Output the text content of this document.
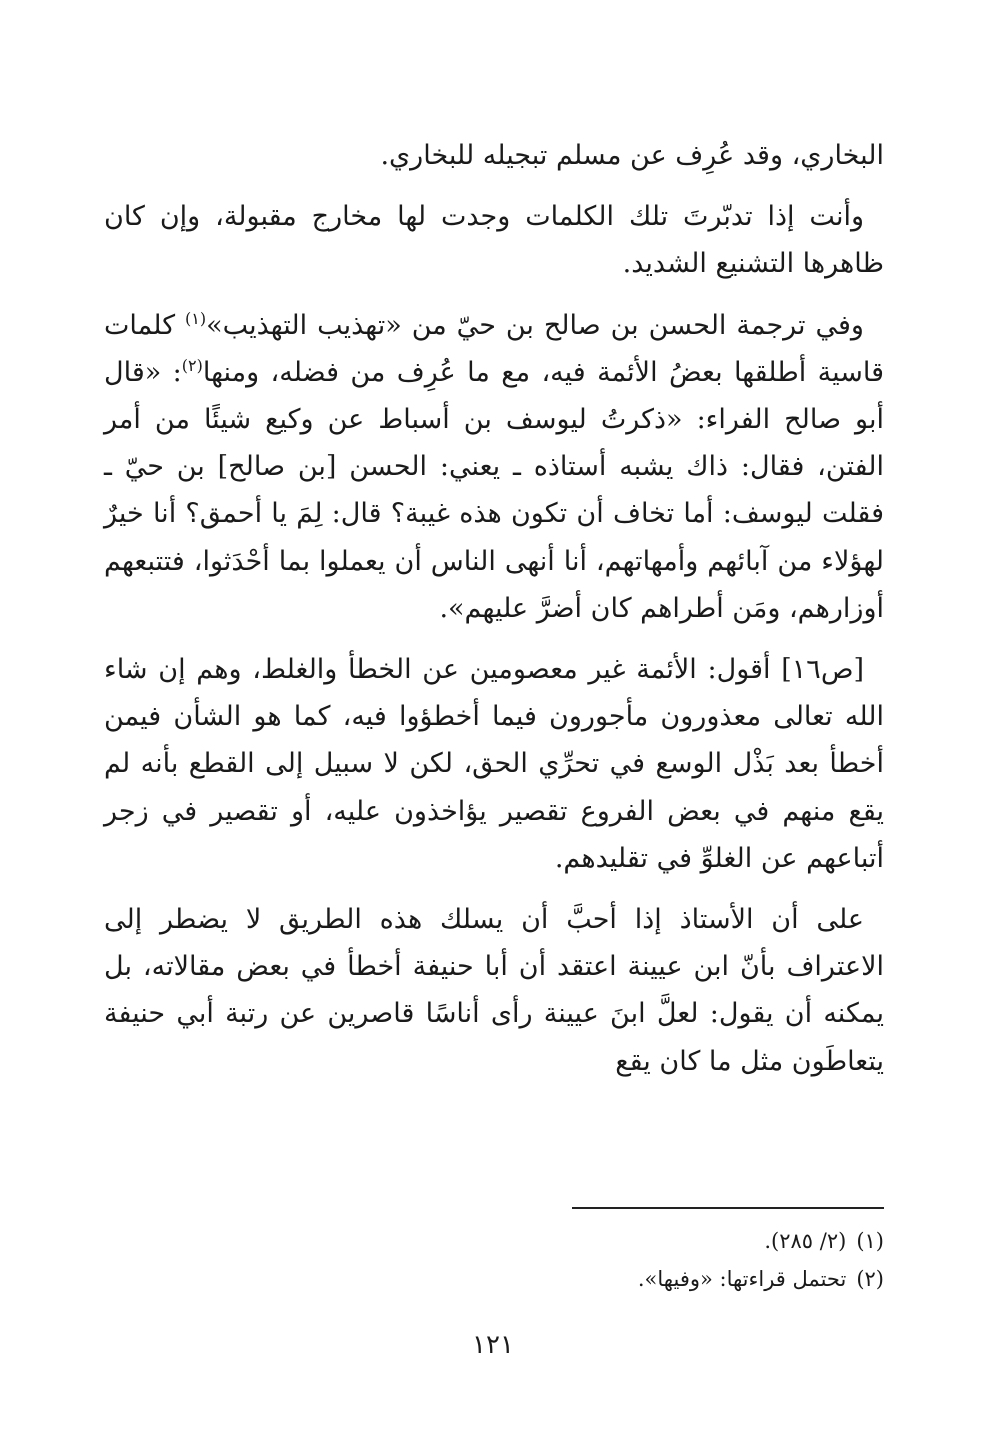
البخاري، وقد عُرِف عن مسلم تبجيله للبخاري.

وأنت إذا تدبّرتَ تلك الكلمات وجدت لها مخارج مقبولة، وإن كان ظاهرها التشنيع الشديد.

وفي ترجمة الحسن بن صالح بن حيّ من «تهذيب التهذيب»$^{(١)}$ كلمات قاسية أطلقها بعضُ الأئمة فيه، مع ما عُرِف من فضله، ومنها$^{(٢)}$: «قال أبو صالح الفراء: «ذكرتُ ليوسف بن أسباط عن وكيع شيئًا من أمر الفتن، فقال: ذاك يشبه أستاذه ـ يعني: الحسن [بن صالح] بن حيّ ـ فقلت ليوسف: أما تخاف أن تكون هذه غيبة؟ قال: لِمَ يا أحمق؟ أنا خيرٌ لهؤلاء من آبائهم وأمهاتهم، أنا أنهى الناس أن يعملوا بما أحْدَثوا، فتتبعهم أوزارهم، ومَن أطراهم كان أضرَّ عليهم».

[ص١٦] أقول: الأئمة غير معصومين عن الخطأ والغلط، وهم إن شاء الله تعالى معذورون مأجورون فيما أخطؤوا فيه، كما هو الشأن فيمن أخطأ بعد بَذْل الوسع في تحرِّي الحق، لكن لا سبيل إلى القطع بأنه لم يقع منهم في بعض الفروع تقصير يؤاخذون عليه، أو تقصير في زجر أتباعهم عن الغلوِّ في تقليدهم.

على أن الأستاذ إذا أحبَّ أن يسلك هذه الطريق لا يضطر إلى الاعتراف بأنّ ابن عيينة اعتقد أن أبا حنيفة أخطأ في بعض مقالاته، بل يمكنه أن يقول: لعلَّ ابنَ عيينة رأى أناسًا قاصرين عن رتبة أبي حنيفة يتعاطَون مثل ما كان يقع

(١)(٢/ ٢٨٥).

(٢)تحتمل قراءتها: «وفيها».

١٢١
